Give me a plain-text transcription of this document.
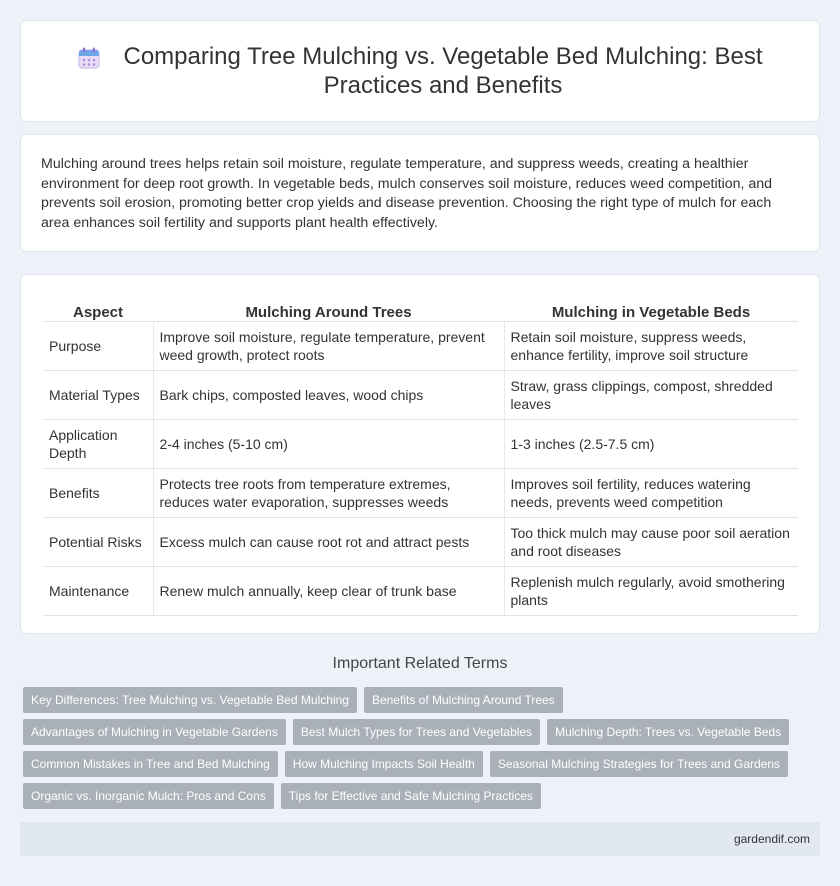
Comparing Tree Mulching vs. Vegetable Bed Mulching: Best Practices and Benefits

Mulching around trees helps retain soil moisture, regulate temperature, and suppress weeds, creating a healthier environment for deep root growth. In vegetable beds, mulch conserves soil moisture, reduces weed competition, and prevents soil erosion, promoting better crop yields and disease prevention. Choosing the right type of mulch for each area enhances soil fertility and supports plant health effectively.

Aspect	Mulching Around Trees	Mulching in Vegetable Beds
Purpose	Improve soil moisture, regulate temperature, prevent weed growth, protect roots	Retain soil moisture, suppress weeds, enhance fertility, improve soil structure
Material Types	Bark chips, composted leaves, wood chips	Straw, grass clippings, compost, shredded leaves
Application Depth	2-4 inches (5-10 cm)	1-3 inches (2.5-7.5 cm)
Benefits	Protects tree roots from temperature extremes, reduces water evaporation, suppresses weeds	Improves soil fertility, reduces watering needs, prevents weed competition
Potential Risks	Excess mulch can cause root rot and attract pests	Too thick mulch may cause poor soil aeration and root diseases
Maintenance	Renew mulch annually, keep clear of trunk base	Replenish mulch regularly, avoid smothering plants
Important Related Terms
Key Differences: Tree Mulching vs. Vegetable Bed Mulching	Benefits of Mulching Around Trees
Advantages of Mulching in Vegetable Gardens	Best Mulch Types for Trees and Vegetables	Mulching Depth: Trees vs. Vegetable Beds
Common Mistakes in Tree and Bed Mulching	How Mulching Impacts Soil Health	Seasonal Mulching Strategies for Trees and Gardens
Organic vs. Inorganic Mulch: Pros and Cons	Tips for Effective and Safe Mulching Practices
gardendif.com
